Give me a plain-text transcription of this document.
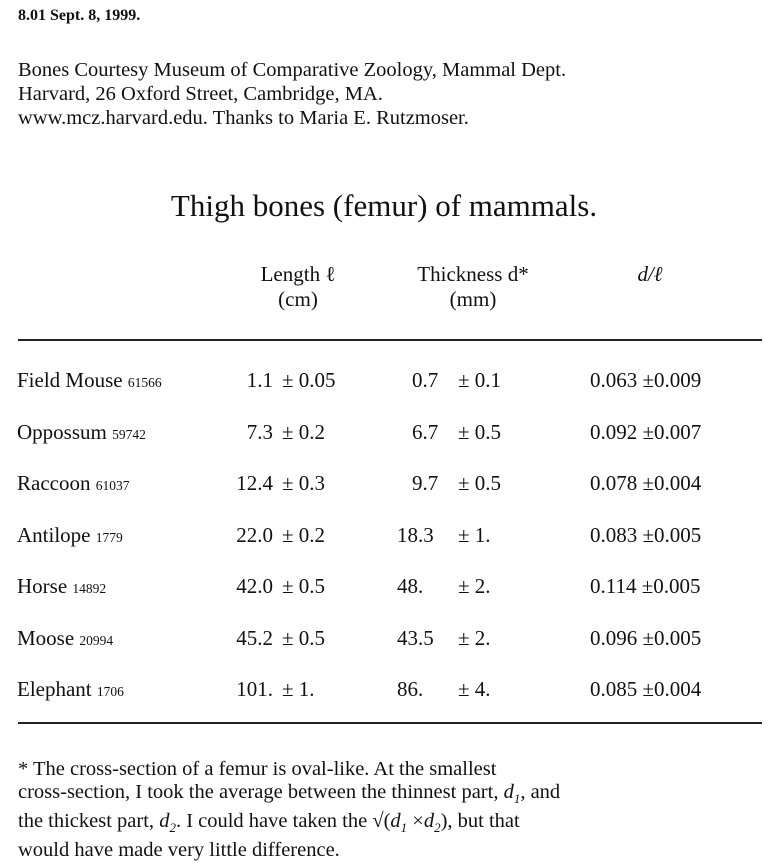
8.01 Sept. 8, 1999.
Bones Courtesy Museum of Comparative Zoology, Mammal Dept.
Harvard, 26 Oxford Street, Cambridge, MA.
www.mcz.harvard.edu. Thanks to Maria E. Rutzmoser.
Thigh bones (femur) of mammals.
Length ℓ
(cm)
Thickness d*
(mm)
d/ℓ
Field Mouse 61566	1.1 ± 0.05	0.7 ± 0.1	0.063 ±0.009
Oppossum 59742	7.3 ± 0.2	6.7 ± 0.5	0.092 ±0.007
Raccoon 61037	12.4 ± 0.3	9.7 ± 0.5	0.078 ±0.004
Antilope 1779	22.0 ± 0.2	18.3 ± 1.	0.083 ±0.005
Horse 14892	42.0 ± 0.5	48. ± 2.	0.114 ±0.005
Moose 20994	45.2 ± 0.5	43.5 ± 2.	0.096 ±0.005
Elephant 1706	101. ± 1.	86. ± 4.	0.085 ±0.004
* The cross-section of a femur is oval-like. At the smallest
cross-section, I took the average between the thinnest part, $d_1$, and
the thickest part, $d_2$. I could have taken the $√(d_1 \times d_2)$, but that
would have made very little difference.
